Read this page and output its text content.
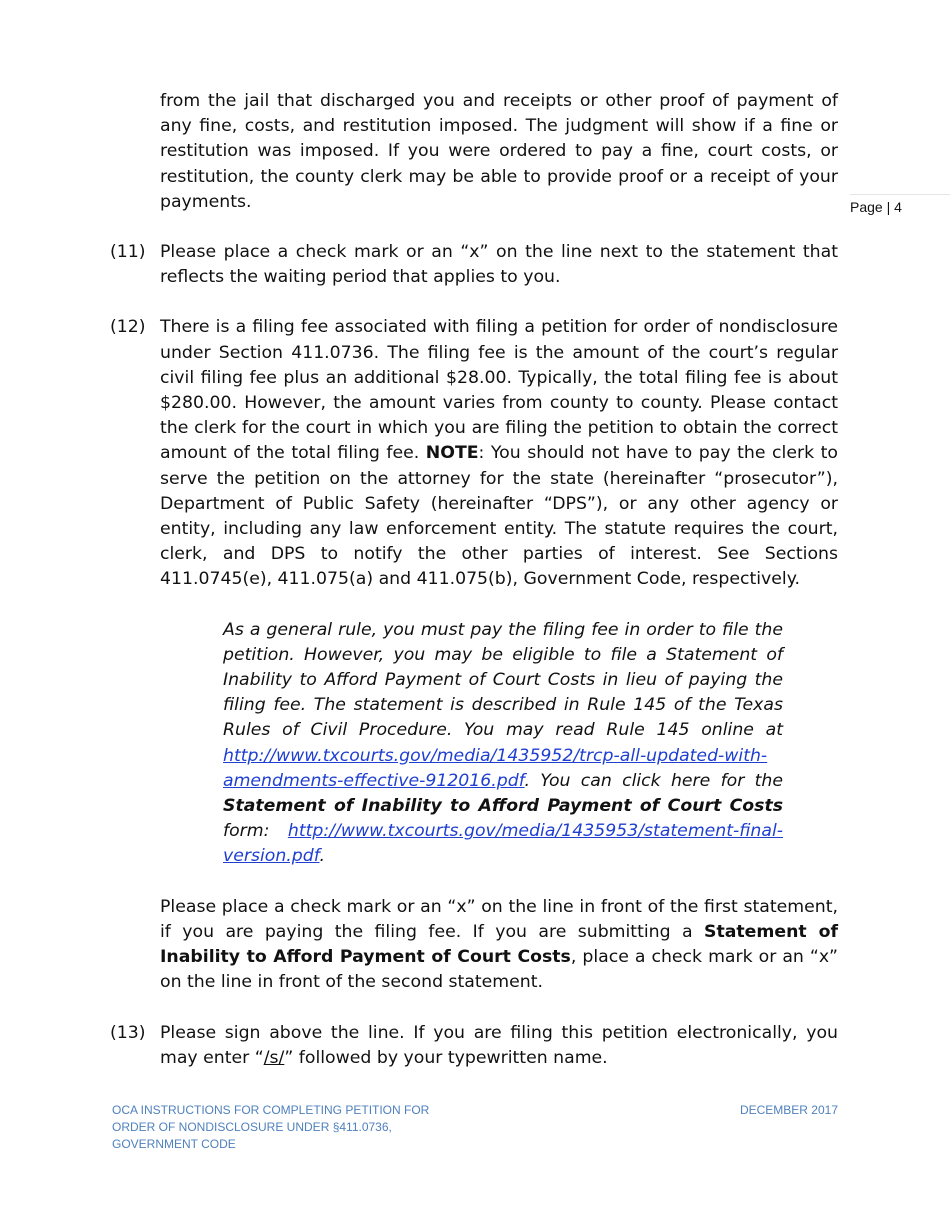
Page | 4

from the jail that discharged you and receipts or other proof of payment of any fine, costs, and restitution imposed. The judgment will show if a fine or restitution was imposed. If you were ordered to pay a fine, court costs, or restitution, the county clerk may be able to provide proof or a receipt of your payments.

(11) Please place a check mark or an “x” on the line next to the statement that reflects the waiting period that applies to you.

(12) There is a filing fee associated with filing a petition for order of nondisclosure under Section 411.0736. The filing fee is the amount of the court’s regular civil filing fee plus an additional $28.00. Typically, the total filing fee is about $280.00. However, the amount varies from county to county. Please contact the clerk for the court in which you are filing the petition to obtain the correct amount of the total filing fee. NOTE: You should not have to pay the clerk to serve the petition on the attorney for the state (hereinafter “prosecutor”), Department of Public Safety (hereinafter “DPS”), or any other agency or entity, including any law enforcement entity. The statute requires the court, clerk, and DPS to notify the other parties of interest. See Sections 411.0745(e), 411.075(a) and 411.075(b), Government Code, respectively.

As a general rule, you must pay the filing fee in order to file the petition. However, you may be eligible to file a Statement of Inability to Afford Payment of Court Costs in lieu of paying the filing fee. The statement is described in Rule 145 of the Texas Rules of Civil Procedure. You may read Rule 145 online at http://www.txcourts.gov/media/1435952/trcp-all-updated-with-amendments-effective-912016.pdf. You can click here for the Statement of Inability to Afford Payment of Court Costs form: http://www.txcourts.gov/media/1435953/statement-final-version.pdf.

Please place a check mark or an “x” on the line in front of the first statement, if you are paying the filing fee. If you are submitting a Statement of Inability to Afford Payment of Court Costs, place a check mark or an “x” on the line in front of the second statement.

(13) Please sign above the line. If you are filing this petition electronically, you may enter “/s/” followed by your typewritten name.

OCA INSTRUCTIONS FOR COMPLETING PETITION FOR ORDER OF NONDISCLOSURE UNDER §411.0736, GOVERNMENT CODE
DECEMBER 2017
